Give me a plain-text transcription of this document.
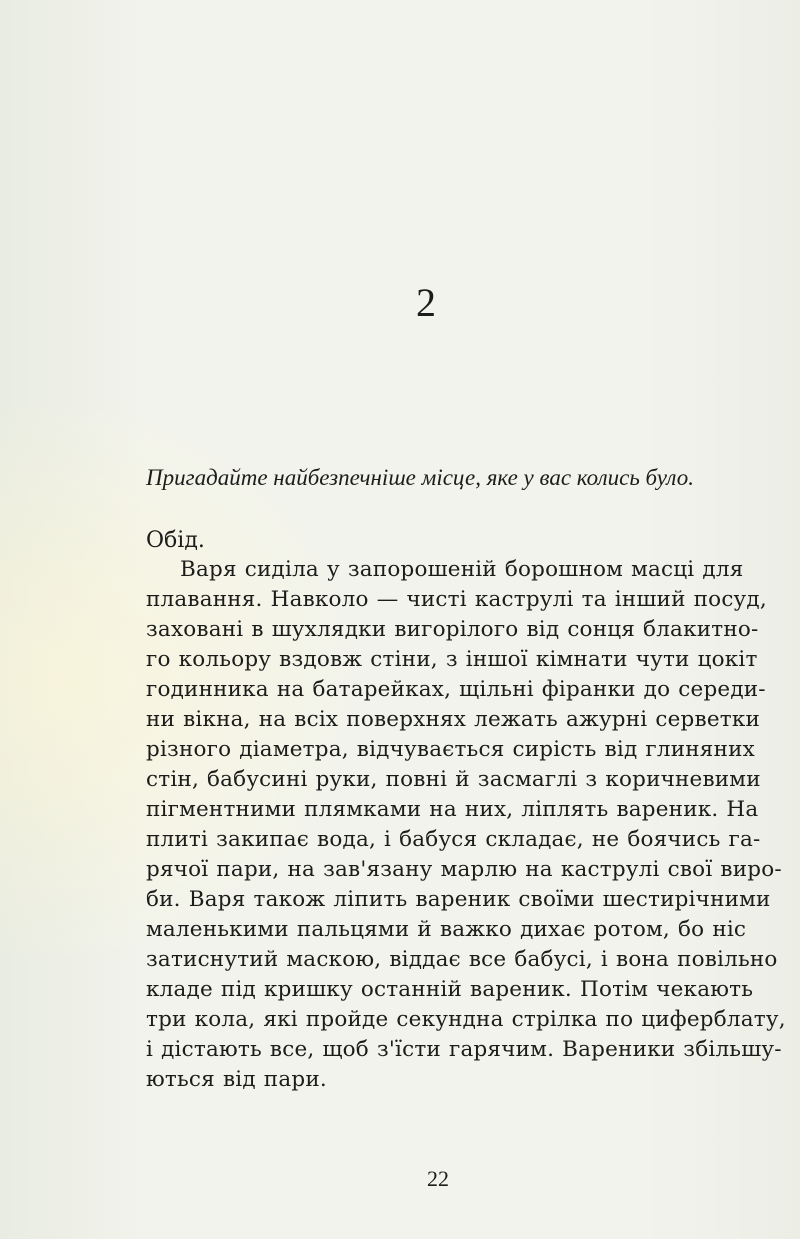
2

Пригадайте найбезпечніше місце, яке у вас колись було.

Обід.
Варя сиділа у запорошеній борошном масці для
плавання. Навколо — чисті каструлі та інший посуд,
заховані в шухлядки вигорілого від сонця блакитно-
го кольору вздовж стіни, з іншої кімнати чути цокіт
годинника на батарейках, щільні фіранки до середи-
ни вікна, на всіх поверхнях лежать ажурні серветки
різного діаметра, відчувається сирість від глиняних
стін, бабусині руки, повні й засмаглі з коричневими
пігментними плямками на них, ліплять вареник. На
плиті закипає вода, і бабуся складає, не боячись га-
рячої пари, на зав'язану марлю на каструлі свої виро-
би. Варя також ліпить вареник своїми шестирічними
маленькими пальцями й важко дихає ротом, бо ніс
затиснутий маскою, віддає все бабусі, і вона повільно
кладе під кришку останній вареник. Потім чекають
три кола, які пройде секундна стрілка по циферблату,
і дістають все, щоб з'їсти гарячим. Вареники збільшу-
ються від пари.
22
